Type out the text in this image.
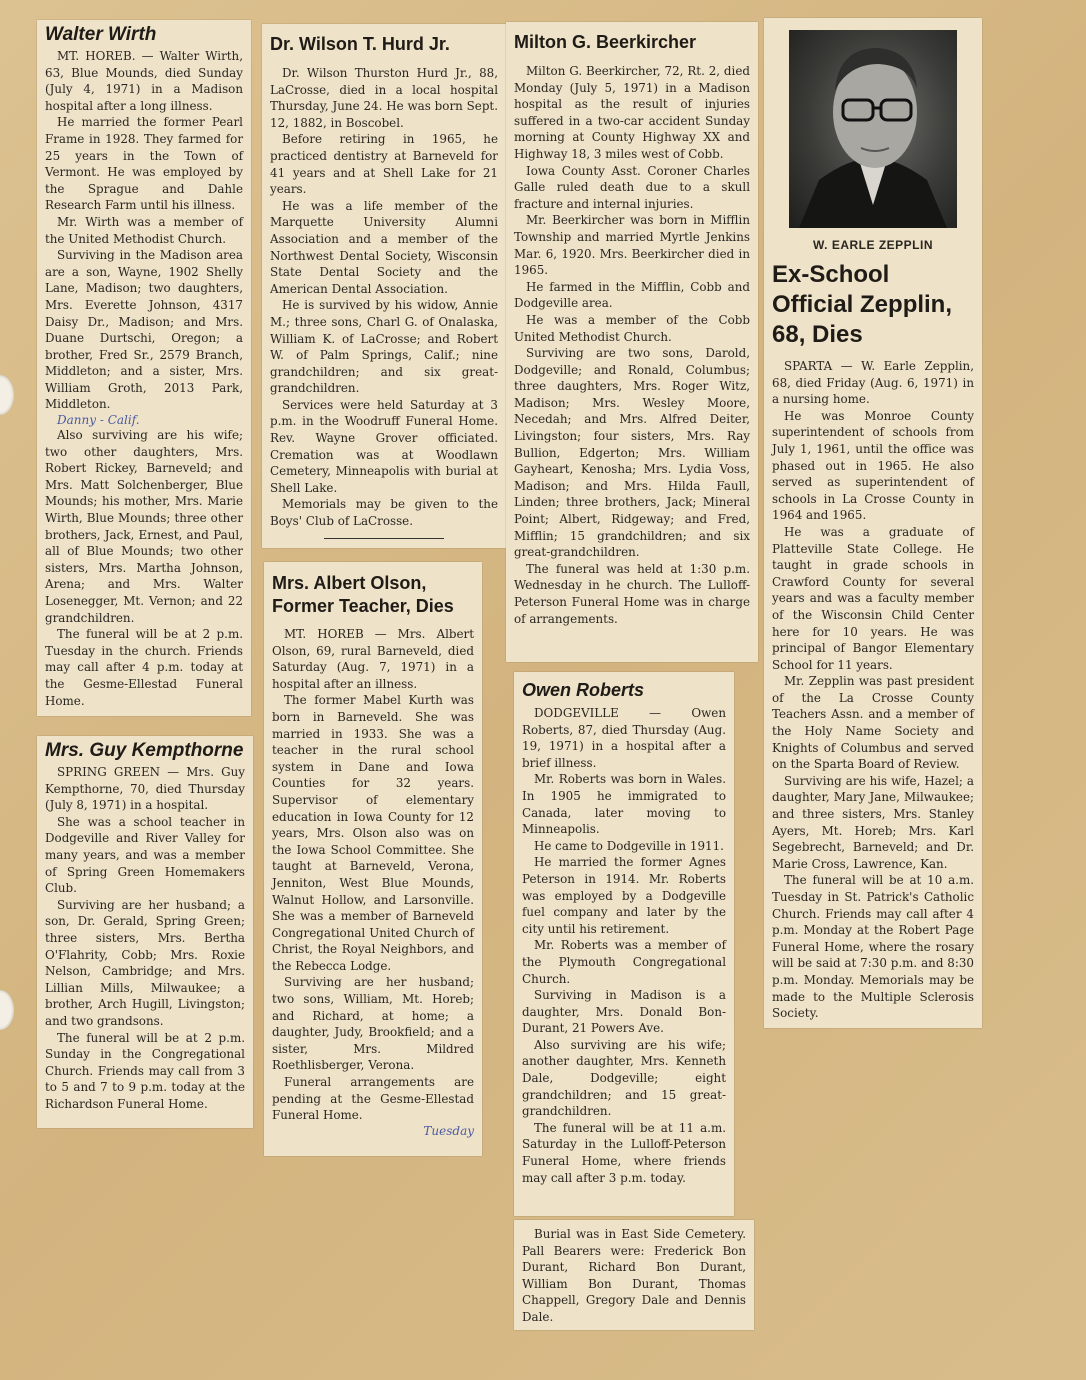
Walter Wirth

MT. HOREB. — Walter Wirth, 63, Blue Mounds, died Sunday (July 4, 1971) in a Madison hospital after a long illness.

He married the former Pearl Frame in 1928. They farmed for 25 years in the Town of Vermont. He was employed by the Sprague and Dahle Research Farm until his illness.

Mr. Wirth was a member of the United Methodist Church.

Surviving in the Madison area are a son, Wayne, 1902 Shelly Lane, Madison; two daughters, Mrs. Everette Johnson, 4317 Daisy Dr., Madison; and Mrs. Duane Durtschi, Oregon; a brother, Fred Sr., 2579 Branch, Middleton; and a sister, Mrs. William Groth, 2013 Park, Middleton.

Danny - Calif.

Also surviving are his wife; two other daughters, Mrs. Robert Rickey, Barneveld; and Mrs. Matt Solchenberger, Blue Mounds; his mother, Mrs. Marie Wirth, Blue Mounds; three other brothers, Jack, Ernest, and Paul, all of Blue Mounds; two other sisters, Mrs. Martha Johnson, Arena; and Mrs. Walter Losenegger, Mt. Vernon; and 22 grandchildren.

The funeral will be at 2 p.m. Tuesday in the church. Friends may call after 4 p.m. today at the Gesme-Ellestad Funeral Home.

Dr. Wilson T. Hurd Jr.

Dr. Wilson Thurston Hurd Jr., 88, LaCrosse, died in a local hospital Thursday, June 24. He was born Sept. 12, 1882, in Boscobel.

Before retiring in 1965, he practiced dentistry at Barneveld for 41 years and at Shell Lake for 21 years.

He was a life member of the Marquette University Alumni Association and a member of the Northwest Dental Society, Wisconsin State Dental Society and the American Dental Association.

He is survived by his widow, Annie M.; three sons, Charl G. of Onalaska, William K. of LaCrosse; and Robert W. of Palm Springs, Calif.; nine grandchildren; and six great-grandchildren.

Services were held Saturday at 3 p.m. in the Woodruff Funeral Home. Rev. Wayne Grover officiated. Cremation was at Woodlawn Cemetery, Minneapolis with burial at Shell Lake.

Memorials may be given to the Boys' Club of LaCrosse.

Milton G. Beerkircher

Milton G. Beerkircher, 72, Rt. 2, died Monday (July 5, 1971) in a Madison hospital as the result of injuries suffered in a two-car accident Sunday morning at County Highway XX and Highway 18, 3 miles west of Cobb.

Iowa County Asst. Coroner Charles Galle ruled death due to a skull fracture and internal injuries.

Mr. Beerkircher was born in Mifflin Township and married Myrtle Jenkins Mar. 6, 1920. Mrs. Beerkircher died in 1965.

He farmed in the Mifflin, Cobb and Dodgeville area.

He was a member of the Cobb United Methodist Church.

Surviving are two sons, Darold, Dodgeville; and Ronald, Columbus; three daughters, Mrs. Roger Witz, Madison; Mrs. Wesley Moore, Necedah; and Mrs. Alfred Deiter, Livingston; four sisters, Mrs. Ray Bullion, Edgerton; Mrs. William Gayheart, Kenosha; Mrs. Lydia Voss, Madison; and Mrs. Hilda Faull, Linden; three brothers, Jack; Mineral Point; Albert, Ridgeway; and Fred, Mifflin; 15 grandchildren; and six great-grandchildren.

The funeral was held at 1:30 p.m. Wednesday in he church. The Lulloff-Peterson Funeral Home was in charge of arrangements.

W. EARLE ZEPPLIN
Ex-School Official Zepplin, 68, Dies

SPARTA — W. Earle Zepplin, 68, died Friday (Aug. 6, 1971) in a nursing home.

He was Monroe County superintendent of schools from July 1, 1961, until the office was phased out in 1965. He also served as superintendent of schools in La Crosse County in 1964 and 1965.

He was a graduate of Platteville State College. He taught in grade schools in Crawford County for several years and was a faculty member of the Wisconsin Child Center here for 10 years. He was principal of Bangor Elementary School for 11 years.

Mr. Zepplin was past president of the La Crosse County Teachers Assn. and a member of the Holy Name Society and Knights of Columbus and served on the Sparta Board of Review.

Surviving are his wife, Hazel; a daughter, Mary Jane, Milwaukee; and three sisters, Mrs. Stanley Ayers, Mt. Horeb; Mrs. Karl Segebrecht, Barneveld; and Dr. Marie Cross, Lawrence, Kan.

The funeral will be at 10 a.m. Tuesday in St. Patrick's Catholic Church. Friends may call after 4 p.m. Monday at the Robert Page Funeral Home, where the rosary will be said at 7:30 p.m. and 8:30 p.m. Monday. Memorials may be made to the Multiple Sclerosis Society.

Mrs. Guy Kempthorne

SPRING GREEN — Mrs. Guy Kempthorne, 70, died Thursday (July 8, 1971) in a hospital.

She was a school teacher in Dodgeville and River Valley for many years, and was a member of Spring Green Homemakers Club.

Surviving are her husband; a son, Dr. Gerald, Spring Green; three sisters, Mrs. Bertha O'Flahrity, Cobb; Mrs. Roxie Nelson, Cambridge; and Mrs. Lillian Mills, Milwaukee; a brother, Arch Hugill, Livingston; and two grandsons.

The funeral will be at 2 p.m. Sunday in the Congregational Church. Friends may call from 3 to 5 and 7 to 9 p.m. today at the Richardson Funeral Home.

Mrs. Albert Olson, Former Teacher, Dies

MT. HOREB — Mrs. Albert Olson, 69, rural Barneveld, died Saturday (Aug. 7, 1971) in a hospital after an illness.

The former Mabel Kurth was born in Barneveld. She was married in 1933. She was a teacher in the rural school system in Dane and Iowa Counties for 32 years. Supervisor of elementary education in Iowa County for 12 years, Mrs. Olson also was on the Iowa School Committee. She taught at Barneveld, Verona, Jenniton, West Blue Mounds, Walnut Hollow, and Larsonville. She was a member of Barneveld Congregational United Church of Christ, the Royal Neighbors, and the Rebecca Lodge.

Surviving are her husband; two sons, William, Mt. Horeb; and Richard, at home; a daughter, Judy, Brookfield; and a sister, Mrs. Mildred Roethlisberger, Verona.

Funeral arrangements are pending at the Gesme-Ellestad Funeral Home.

Tuesday

Owen Roberts

DODGEVILLE — Owen Roberts, 87, died Thursday (Aug. 19, 1971) in a hospital after a brief illness.

Mr. Roberts was born in Wales. In 1905 he immigrated to Canada, later moving to Minneapolis.

He came to Dodgeville in 1911.

He married the former Agnes Peterson in 1914. Mr. Roberts was employed by a Dodgeville fuel company and later by the city until his retirement.

Mr. Roberts was a member of the Plymouth Congregational Church.

Surviving in Madison is a daughter, Mrs. Donald Bon-Durant, 21 Powers Ave.

Also surviving are his wife; another daughter, Mrs. Kenneth Dale, Dodgeville; eight grandchildren; and 15 great-grandchildren.

The funeral will be at 11 a.m. Saturday in the Lulloff-Peterson Funeral Home, where friends may call after 3 p.m. today.

Burial was in East Side Cemetery. Pall Bearers were: Frederick Bon Durant, Richard Bon Durant, William Bon Durant, Thomas Chappell, Gregory Dale and Dennis Dale.
